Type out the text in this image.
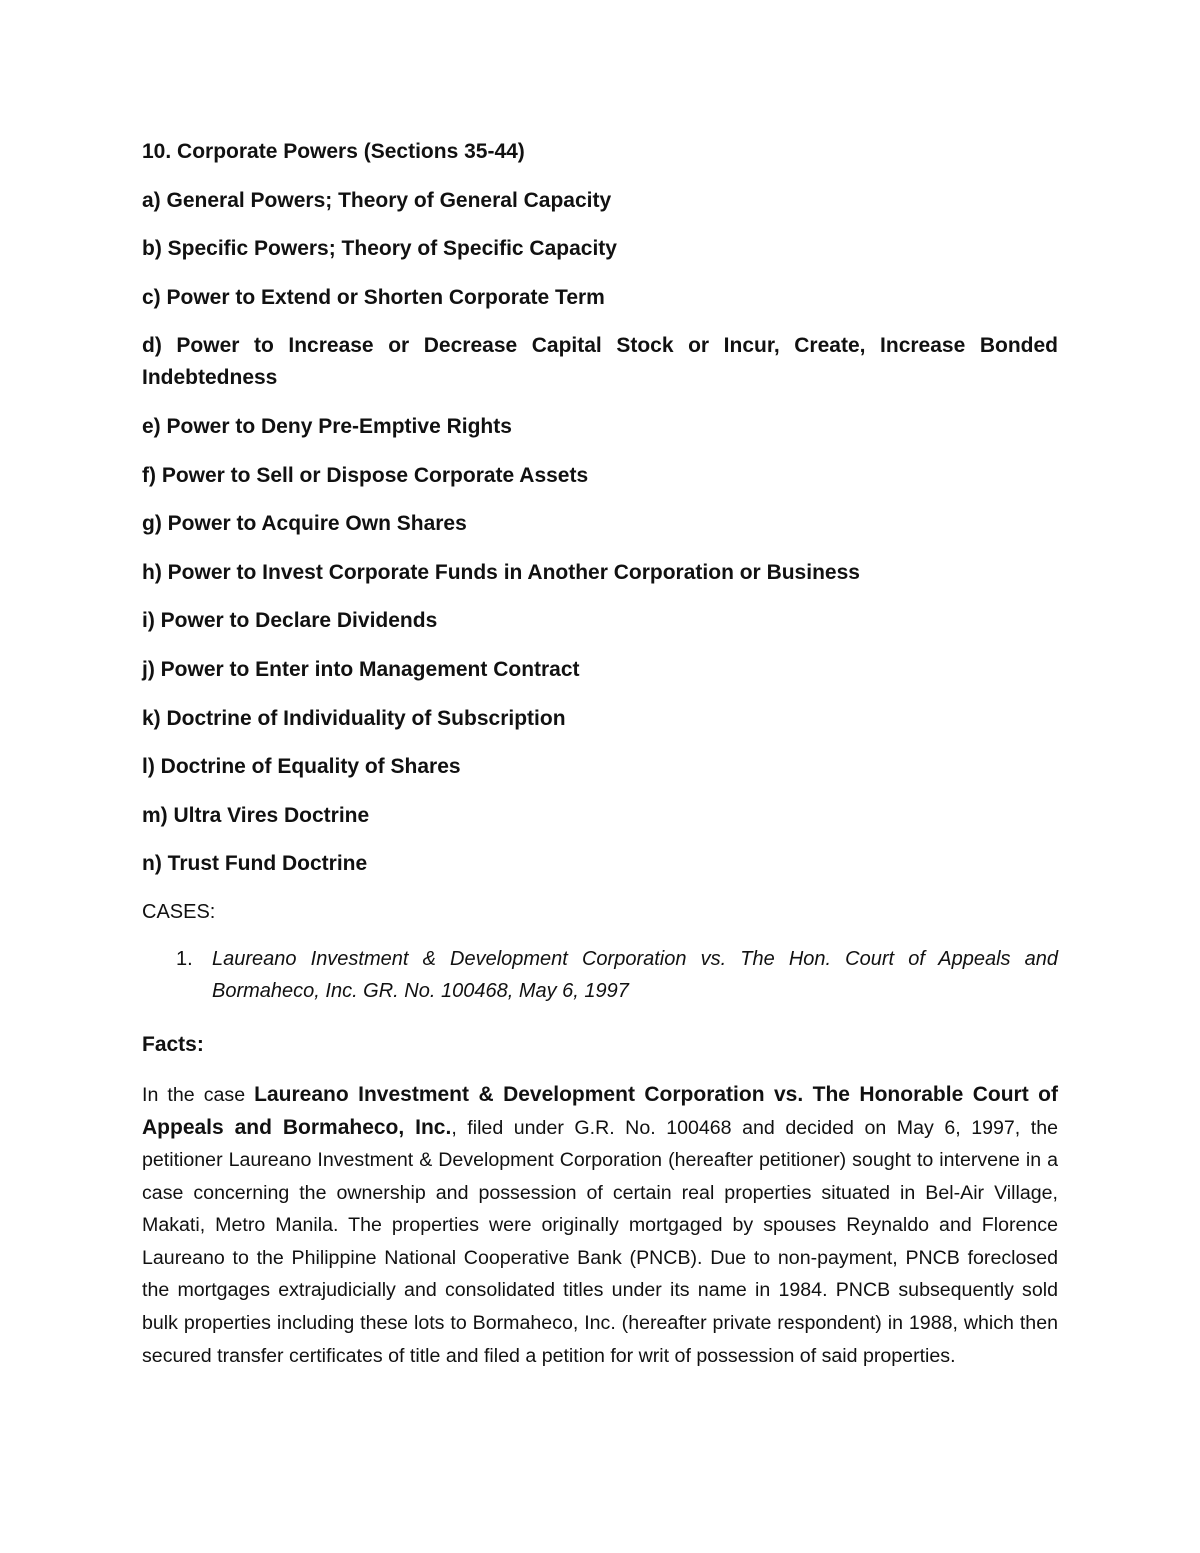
10. Corporate Powers (Sections 35-44)
a) General Powers; Theory of General Capacity
b) Specific Powers; Theory of Specific Capacity
c) Power to Extend or Shorten Corporate Term
d) Power to Increase or Decrease Capital Stock or Incur, Create, Increase Bonded Indebtedness
e) Power to Deny Pre-Emptive Rights
f) Power to Sell or Dispose Corporate Assets
g) Power to Acquire Own Shares
h) Power to Invest Corporate Funds in Another Corporation or Business
i) Power to Declare Dividends
j) Power to Enter into Management Contract
k) Doctrine of Individuality of Subscription
l) Doctrine of Equality of Shares
m) Ultra Vires Doctrine
n) Trust Fund Doctrine
CASES:
1. Laureano Investment & Development Corporation vs. The Hon. Court of Appeals and Bormaheco, Inc. GR. No. 100468, May 6, 1997
Facts:

In the case Laureano Investment & Development Corporation vs. The Honorable Court of Appeals and Bormaheco, Inc., filed under G.R. No. 100468 and decided on May 6, 1997, the petitioner Laureano Investment & Development Corporation (hereafter petitioner) sought to intervene in a case concerning the ownership and possession of certain real properties situated in Bel-Air Village, Makati, Metro Manila. The properties were originally mortgaged by spouses Reynaldo and Florence Laureano to the Philippine National Cooperative Bank (PNCB). Due to non-payment, PNCB foreclosed the mortgages extrajudicially and consolidated titles under its name in 1984. PNCB subsequently sold bulk properties including these lots to Bormaheco, Inc. (hereafter private respondent) in 1988, which then secured transfer certificates of title and filed a petition for writ of possession of said properties.
